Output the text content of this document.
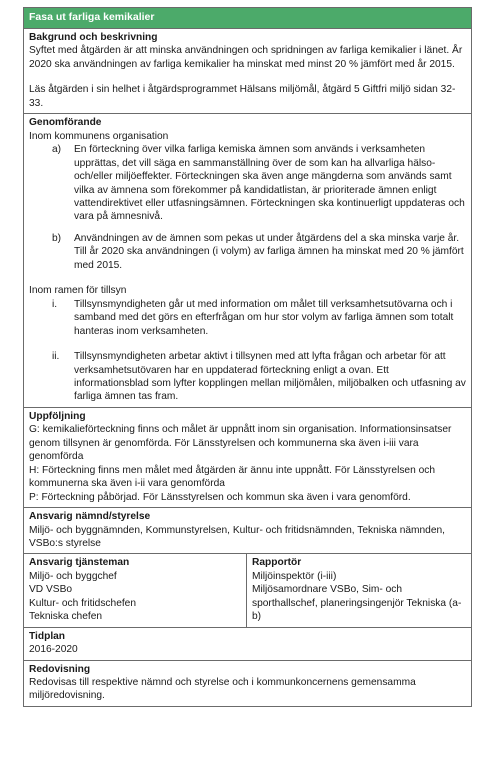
Fasa ut farliga kemikalier

Bakgrund och beskrivning

Syftet med åtgärden är att minska användningen och spridningen av farliga kemikalier i länet. År 2020 ska användningen av farliga kemikalier ha minskat med minst 20 % jämfört med år 2015.

Läs åtgärden i sin helhet i åtgärdsprogrammet Hälsans miljömål, åtgärd 5 Giftfri miljö sidan 32-33.

Genomförande

Inom kommunens organisation

a)	En förteckning över vilka farliga kemiska ämnen som används i verksamheten upprättas, det vill säga en sammanställning över de som kan ha allvarliga hälso- och/eller miljöeffekter. Förteckningen ska även ange mängderna som används samt vilka av ämnena som förekommer på kandidatlistan, är prioriterade ämnen enligt vattendirektivet eller utfasningsämnen. Förteckningen ska kontinuerligt uppdateras och vara på ämnesnivå.
b)	Användningen av de ämnen som pekas ut under åtgärdens del a ska minska varje år. Till år 2020 ska användningen (i volym) av farliga ämnen ha minskat med 20 % jämfört med 2015.

Inom ramen för tillsyn

i.	Tillsynsmyndigheten går ut med information om målet till verksamhetsutövarna och i samband med det görs en efterfrågan om hur stor volym av farliga ämnen som totalt hanteras inom verksamheten.
ii.	Tillsynsmyndigheten arbetar aktivt i tillsynen med att lyfta frågan och arbetar för att verksamhetsutövaren har en uppdaterad förteckning enligt a ovan. Ett informationsblad som lyfter kopplingen mellan miljömålen, miljöbalken och utfasning av farliga ämnen tas fram.

Uppföljning

G: kemikalieförteckning finns och målet är uppnått inom sin organisation. Informationsinsatser genom tillsynen är genomförda. För Länsstyrelsen och kommunerna ska även i-iii vara genomförda

H: Förteckning finns men målet med åtgärden är ännu inte uppnått. För Länsstyrelsen och kommunerna ska även i-ii vara genomförda

P: Förteckning påbörjad. För Länsstyrelsen och kommun ska även i vara genomförd.

Ansvarig nämnd/styrelse

Miljö- och byggnämnden, Kommunstyrelsen, Kultur- och fritidsnämnden, Tekniska nämnden, VSBo:s styrelse

Ansvarig tjänsteman

Miljö- och byggchef

VD VSBo

Kultur- och fritidschefen

Tekniska chefen

Rapportör

Miljöinspektör (i-iii)

Miljösamordnare VSBo, Sim- och sporthallschef, planeringsingenjör Tekniska (a-b)

Tidplan

2016-2020

Redovisning

Redovisas till respektive nämnd och styrelse och i kommunkoncernens gemensamma miljöredovisning.
